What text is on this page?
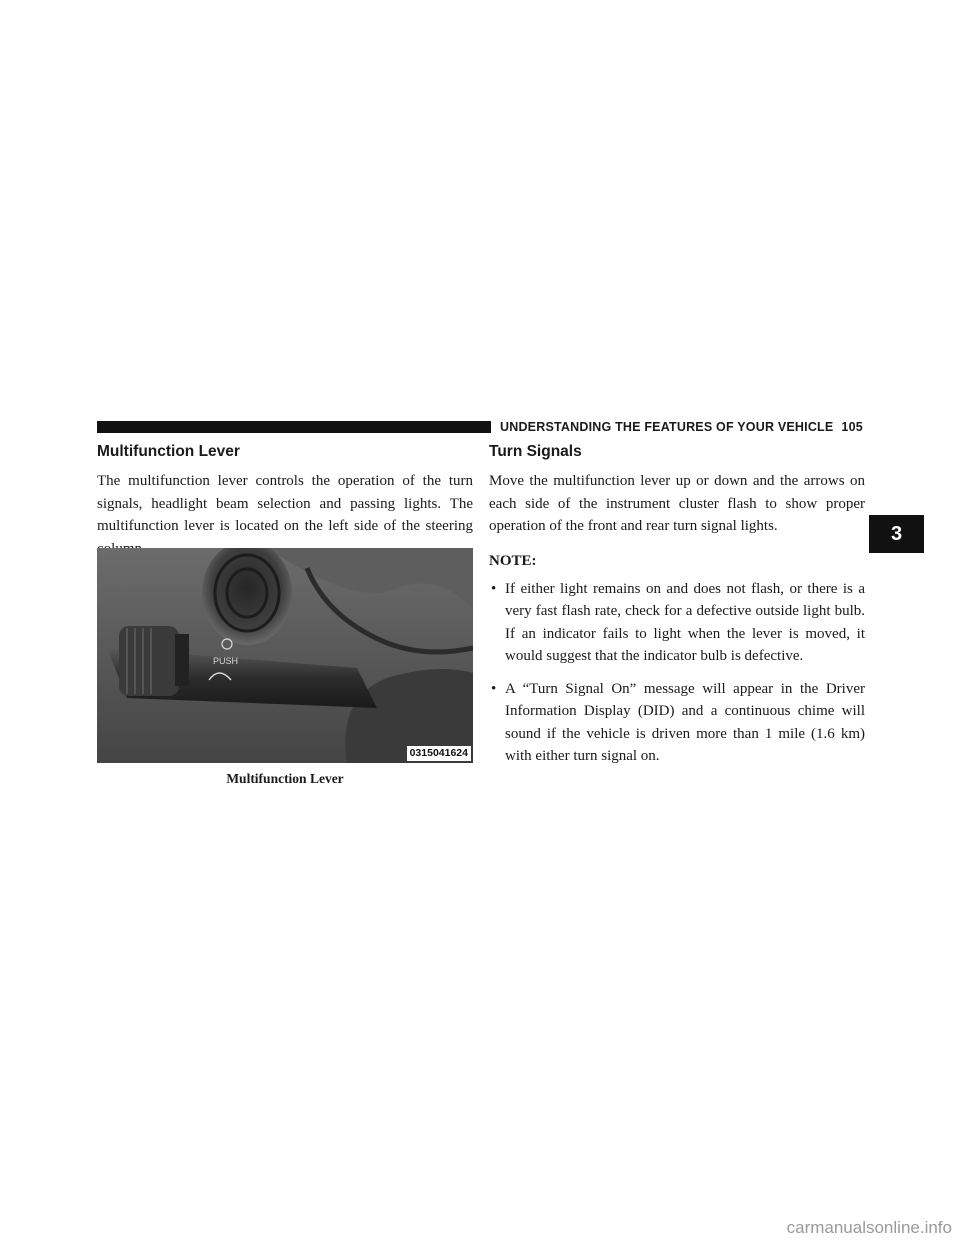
UNDERSTANDING THE FEATURES OF YOUR VEHICLE 105
3
Multifunction Lever

The multifunction lever controls the operation of the turn signals, headlight beam selection and passing lights. The multifunction lever is located on the left side of the steering

PUSH
0315041624
Multifunction Lever
Turn Signals

Move the multifunction lever up or down and the arrows on each side of the instrument cluster flash to show proper operation of the front and rear turn signal lights.

NOTE:

• If either light remains on and does not flash, or there is a very fast flash rate, check for a defective outside light bulb. If an indicator fails to light when the lever is moved, it would suggest that the indicator bulb is defective.
• A “Turn Signal On” message will appear in the Driver Information Display (DID) and a continuous chime will sound if the vehicle is driven more than 1 mile (1.6 km) with either turn signal on.
carmanualsonline.info
